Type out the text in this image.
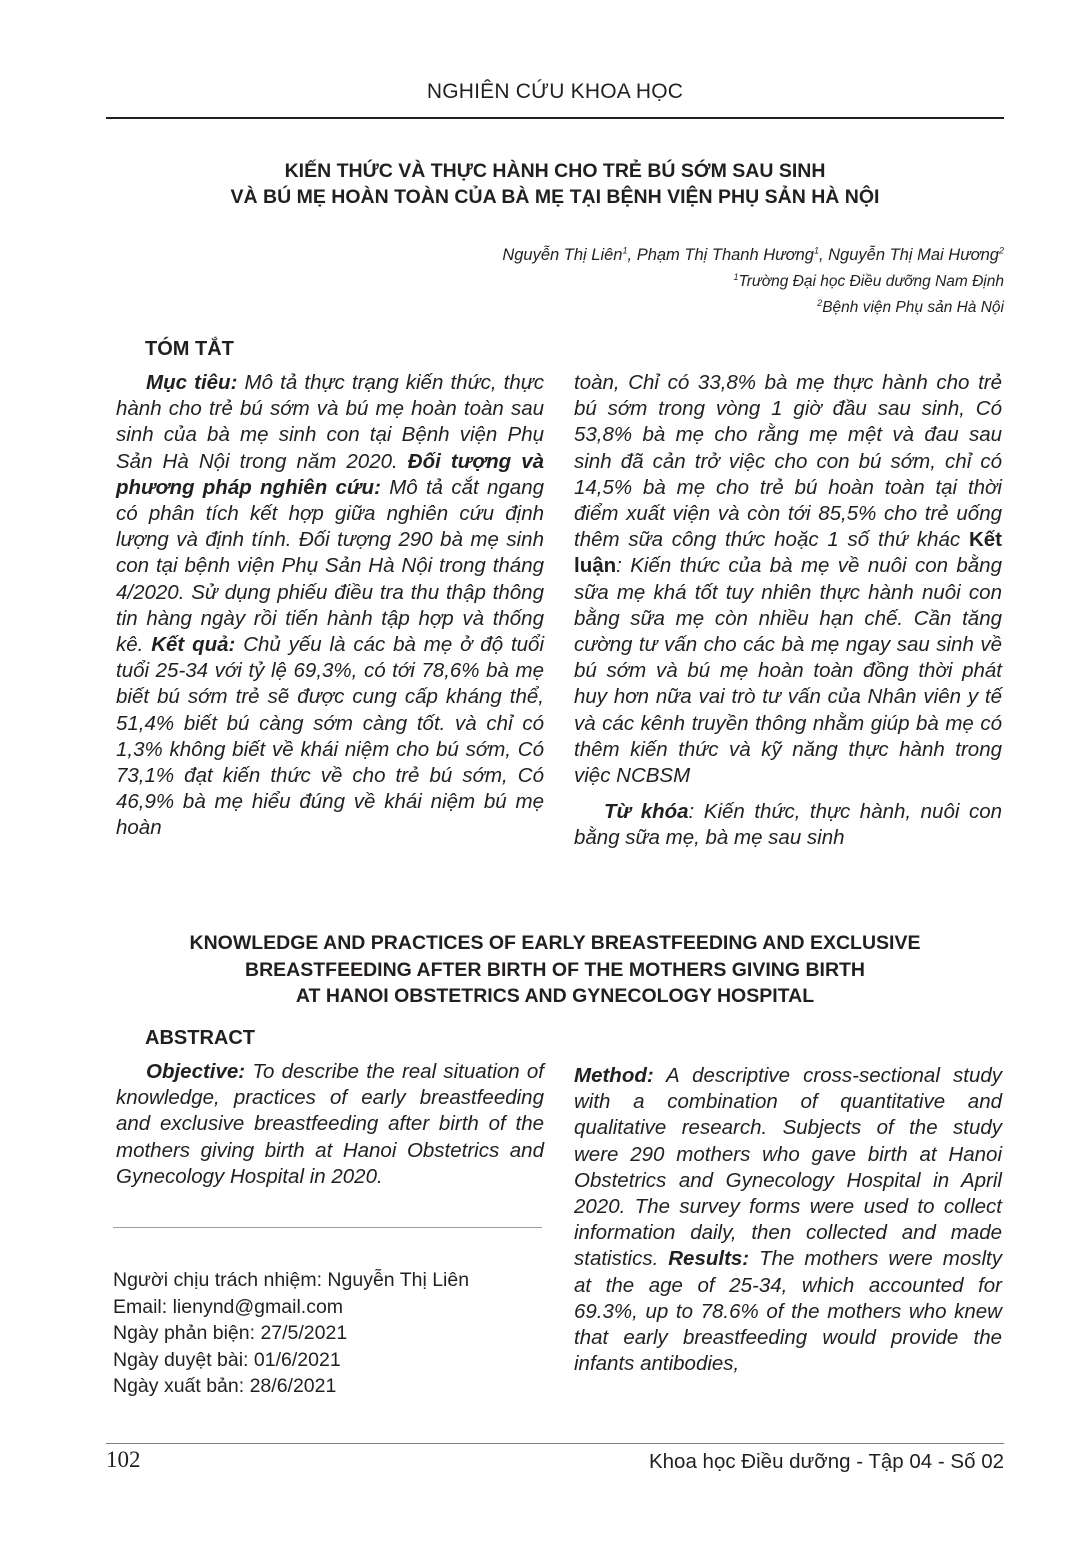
NGHIÊN CỨU KHOA HỌC
KIẾN THỨC VÀ THỰC HÀNH CHO TRẺ BÚ SỚM SAU SINH
VÀ BÚ MẸ HOÀN TOÀN CỦA BÀ MẸ TẠI BỆNH VIỆN PHỤ SẢN HÀ NỘI
Nguyễn Thị Liên$^1$, Phạm Thị Thanh Hương$^1$, Nguyễn Thị Mai Hương$^2$
$^1$Trường Đại học Điều dưỡng Nam Định
$^2$Bệnh viện Phụ sản Hà Nội
TÓM TẮT

Mục tiêu: Mô tả thực trạng kiến thức, thực hành cho trẻ bú sớm và bú mẹ hoàn toàn sau sinh của bà mẹ sinh con tại Bệnh viện Phụ Sản Hà Nội trong năm 2020. Đối tượng và phương pháp nghiên cứu: Mô tả cắt ngang có phân tích kết hợp giữa nghiên cứu định lượng và định tính. Đối tượng 290 bà mẹ sinh con tại bệnh viện Phụ Sản Hà Nội trong tháng 4/2020. Sử dụng phiếu điều tra thu thập thông tin hàng ngày rồi tiến hành tập hợp và thống kê. Kết quả: Chủ yếu là các bà mẹ ở độ tuổi tuổi 25-34 với tỷ lệ 69,3%, có tới 78,6% bà mẹ biết bú sớm trẻ sẽ được cung cấp kháng thể, 51,4% biết bú càng sớm càng tốt. và chỉ có 1,3% không biết về khái niệm cho bú sớm, Có 73,1% đạt kiến thức về cho trẻ bú sớm, Có 46,9% bà mẹ hiểu đúng về khái niệm bú mẹ hoàn

toàn, Chỉ có 33,8% bà mẹ thực hành cho trẻ bú sớm trong vòng 1 giờ đầu sau sinh, Có 53,8% bà mẹ cho rằng mẹ mệt và đau sau sinh đã cản trở việc cho con bú sớm, chỉ có 14,5% bà mẹ cho trẻ bú hoàn toàn tại thời điểm xuất viện và còn tới 85,5% cho trẻ uống thêm sữa công thức hoặc 1 số thứ khác Kết luận: Kiến thức của bà mẹ về nuôi con bằng sữa mẹ khá tốt tuy nhiên thực hành nuôi con bằng sữa mẹ còn nhiều hạn chế. Cần tăng cường tư vấn cho các bà mẹ ngay sau sinh về bú sớm và bú mẹ hoàn toàn đồng thời phát huy hơn nữa vai trò tư vấn của Nhân viên y tế và các kênh truyền thông nhằm giúp bà mẹ có thêm kiến thức và kỹ năng thực hành trong việc NCBSM

Từ khóa: Kiến thức, thực hành, nuôi con bằng sữa mẹ, bà mẹ sau sinh

KNOWLEDGE AND PRACTICES OF EARLY BREASTFEEDING AND EXCLUSIVE
BREASTFEEDING AFTER BIRTH OF THE MOTHERS GIVING BIRTH
AT HANOI OBSTETRICS AND GYNECOLOGY HOSPITAL
ABSTRACT

Objective: To describe the real situation of knowledge, practices of early breastfeeding and exclusive breastfeeding after birth of the mothers giving birth at Hanoi Obstetrics and Gynecology Hospital in 2020.

Người chịu trách nhiệm: Nguyễn Thị Liên
Email: lienynd@gmail.com
Ngày phản biện: 27/5/2021
Ngày duyệt bài: 01/6/2021
Ngày xuất bản: 28/6/2021

Method: A descriptive cross-sectional study with a combination of quantitative and qualitative research. Subjects of the study were 290 mothers who gave birth at Hanoi Obstetrics and Gynecology Hospital in April 2020. The survey forms were used to collect information daily, then collected and made statistics. Results: The mothers were moslty at the age of 25-34, which accounted for 69.3%, up to 78.6% of the mothers who knew that early breastfeeding would provide the infants antibodies,

102	Khoa học Điều dưỡng - Tập 04 - Số 02
